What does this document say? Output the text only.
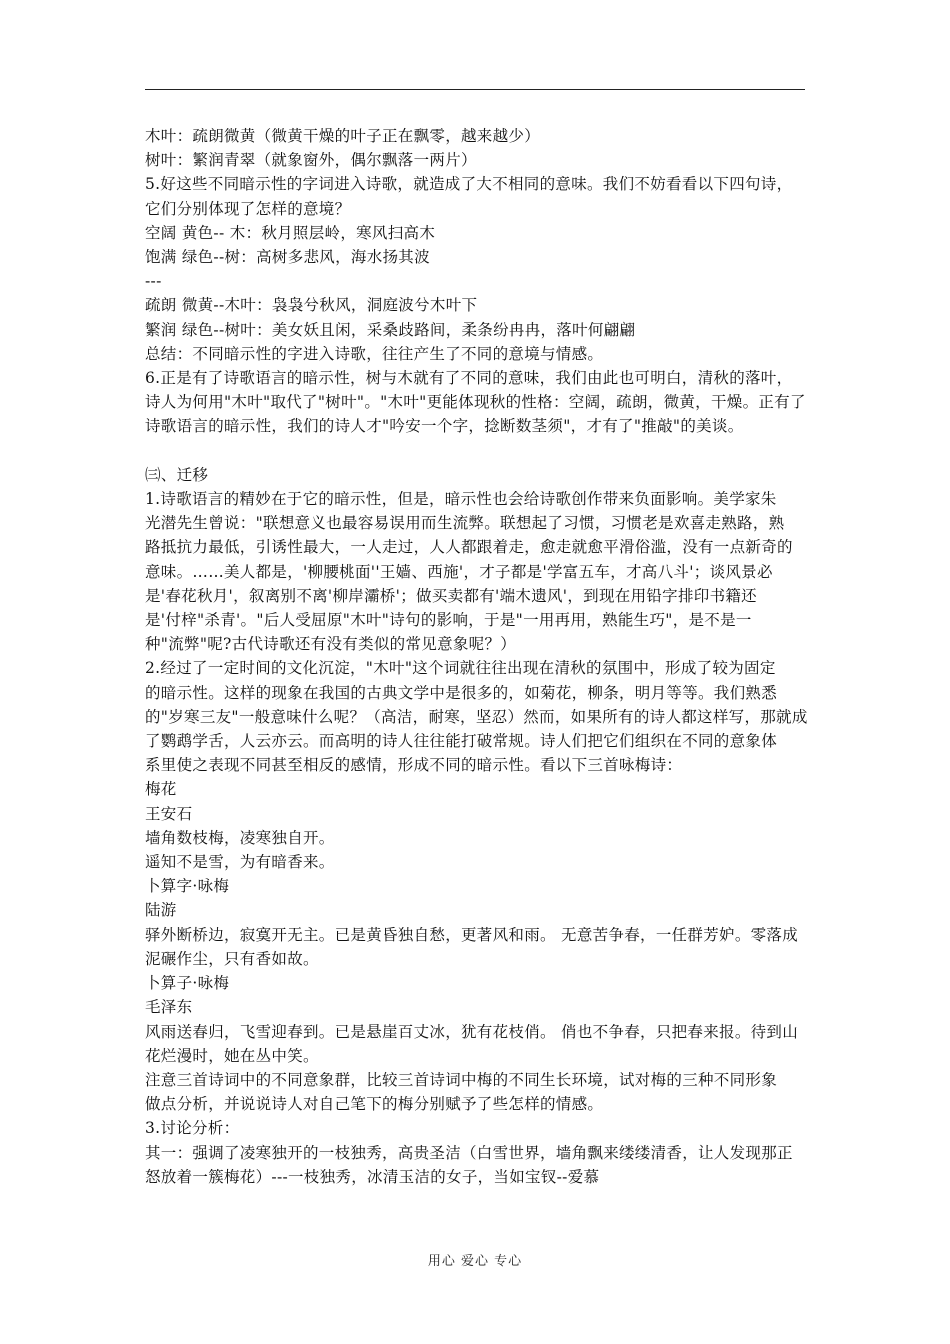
木叶：疏朗微黄（微黄干燥的叶子正在飘零，越来越少）
树叶：繁润青翠（就象窗外，偶尔飘落一两片）
5.好这些不同暗示性的字词进入诗歌，就造成了大不相同的意味。我们不妨看看以下四句诗，
它们分别体现了怎样的意境？
空阔 黄色-- 木：秋月照层岭，寒风扫高木
饱满 绿色--树：高树多悲风，海水扬其波
---
疏朗 微黄--木叶：袅袅兮秋风，洞庭波兮木叶下
繁润 绿色--树叶：美女妖且闲，采桑歧路间，柔条纷冉冉，落叶何翩翩
总结：不同暗示性的字进入诗歌，往往产生了不同的意境与情感。
6.正是有了诗歌语言的暗示性，树与木就有了不同的意味，我们由此也可明白，清秋的落叶，
诗人为何用"木叶"取代了"树叶"。"木叶"更能体现秋的性格：空阔，疏朗，微黄，干燥。正有了
诗歌语言的暗示性，我们的诗人才"吟安一个字，捻断数茎须"，才有了"推敲"的美谈。
㈢、迁移
1.诗歌语言的精妙在于它的暗示性，但是，暗示性也会给诗歌创作带来负面影响。美学家朱
光潜先生曾说："联想意义也最容易误用而生流弊。联想起了习惯，习惯老是欢喜走熟路，熟
路抵抗力最低，引诱性最大，一人走过，人人都跟着走，愈走就愈平滑俗滥，没有一点新奇的
意味。……美人都是，'柳腰桃面''王嫱、西施'，才子都是'学富五车，才高八斗'；谈风景必
是'春花秋月'，叙离别不离'柳岸灞桥'；做买卖都有'端木遗风'，到现在用铅字排印书籍还
是'付梓"杀青'。"后人受屈原"木叶"诗句的影响，于是"一用再用，熟能生巧"，是不是一
种"流弊"呢?古代诗歌还有没有类似的常见意象呢？）
2.经过了一定时间的文化沉淀，"木叶"这个词就往往出现在清秋的氛围中，形成了较为固定
的暗示性。这样的现象在我国的古典文学中是很多的，如菊花，柳条，明月等等。我们熟悉
的"岁寒三友"一般意味什么呢？（高洁，耐寒，坚忍）然而，如果所有的诗人都这样写，那就成
了鹦鹉学舌，人云亦云。而高明的诗人往往能打破常规。诗人们把它们组织在不同的意象体
系里使之表现不同甚至相反的感情，形成不同的暗示性。看以下三首咏梅诗：
梅花
王安石
墙角数枝梅，凌寒独自开。
遥知不是雪，为有暗香来。
卜算字·咏梅
陆游
驿外断桥边，寂寞开无主。已是黄昏独自愁，更著风和雨。 无意苦争春，一任群芳妒。零落成
泥碾作尘，只有香如故。
卜算子·咏梅
毛泽东
风雨送春归，飞雪迎春到。已是悬崖百丈冰，犹有花枝俏。 俏也不争春，只把春来报。待到山
花烂漫时，她在丛中笑。
注意三首诗词中的不同意象群，比较三首诗词中梅的不同生长环境，试对梅的三种不同形象
做点分析，并说说诗人对自己笔下的梅分别赋予了些怎样的情感。
3.讨论分析：
其一：强调了凌寒独开的一枝独秀，高贵圣洁（白雪世界，墙角飘来缕缕清香，让人发现那正
怒放着一簇梅花）---一枝独秀，冰清玉洁的女子，当如宝钗--爱慕
用心 爱心 专心
